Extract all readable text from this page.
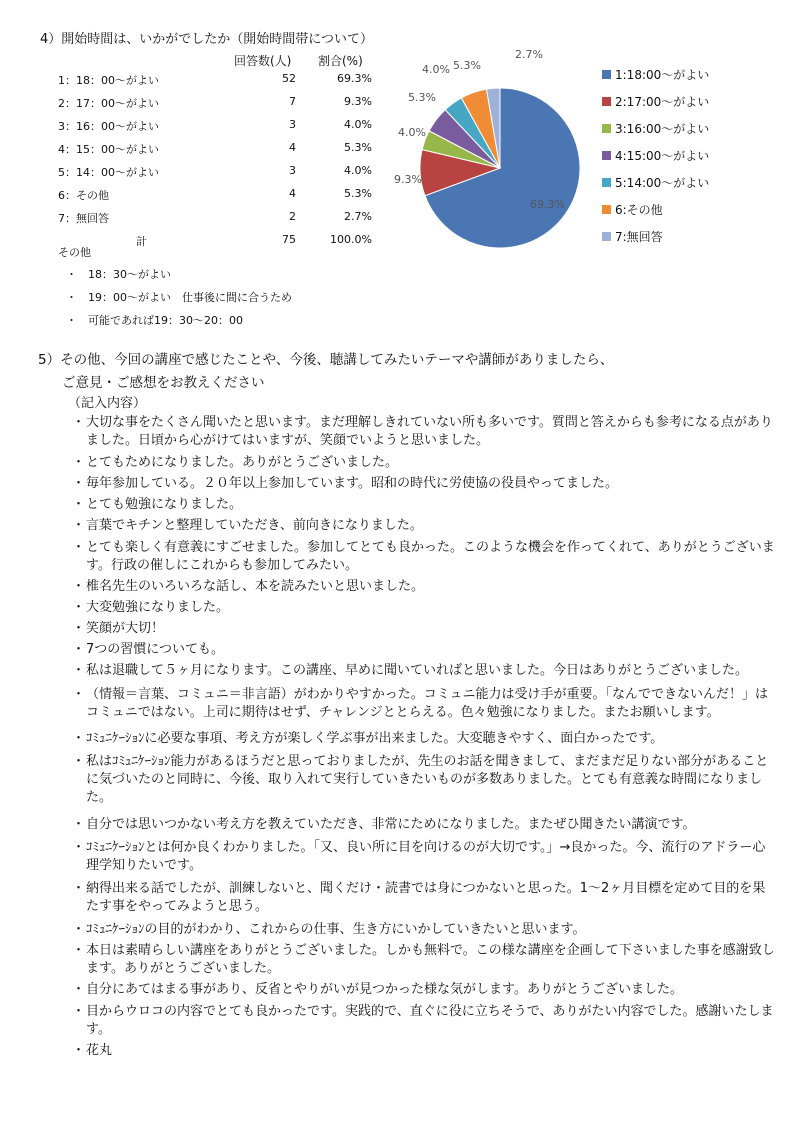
4）開始時間は、いかがでしたか（開始時間帯について）
回答数(人) 割合(%)
1：18：00〜がよい	52	69.3%
2：17：00〜がよい	7	9.3%
3：16：00〜がよい	3	4.0%
4：15：00〜がよい	4	5.3%
5：14：00〜がよい	3	4.0%
6：その他	4	5.3%
7：無回答	2	2.7%
計	75	100.0%
その他
・　18：30〜がよい
・　19：00〜がよい　仕事後に間に合うため
・　可能であれば19：30〜20：00
69.3%
9.3%
4.0%
5.3%
4.0% 5.3%
2.7%
1:18:00〜がよい
2:17:00〜がよい
3:16:00〜がよい
4:15:00〜がよい
5:14:00〜がよい
6:その他
7:無回答
5）その他、今回の講座で感じたことや、今後、聴講してみたいテーマや講師がありましたら、
ご意見・ご感想をお教えください
（記入内容）
・ 大切な事をたくさん聞いたと思います。まだ理解しきれていない所も多いです。質問と答えからも参考になる点がありました。日頃から心がけてはいますが、笑顔でいようと思いました。
・ とてもためになりました。ありがとうございました。
・ 毎年参加している。２０年以上参加しています。昭和の時代に労使協の役員やってました。
・ とても勉強になりました。
・ 言葉でキチンと整理していただき、前向きになりました。
・ とても楽しく有意義にすごせました。参加してとても良かった。このような機会を作ってくれて、ありがとうございます。行政の催しにこれからも参加してみたい。
・ 椎名先生のいろいろな話し、本を読みたいと思いました。
・ 大変勉強になりました。
・ 笑顔が大切！
・ 7つの習慣についても。
・ 私は退職して５ヶ月になります。この講座、早めに聞いていればと思いました。今日はありがとうございました。
・ （情報＝言葉、コミュニ＝非言語）がわかりやすかった。コミュニ能力は受け手が重要。「なんでできないんだ！」はコミュニではない。上司に期待はせず、チャレンジととらえる。色々勉強になりました。またお願いします。
・ ｺﾐｭﾆｹｰｼｮﾝに必要な事項、考え方が楽しく学ぶ事が出来ました。大変聴きやすく、面白かったです。
・ 私はｺﾐｭﾆｹｰｼｮﾝ能力があるほうだと思っておりましたが、先生のお話を聞きまして、まだまだ足りない部分があることに気づいたのと同時に、今後、取り入れて実行していきたいものが多数ありました。とても有意義な時間になりました。
・ 自分では思いつかない考え方を教えていただき、非常にためになりました。またぜひ聞きたい講演です。
・ ｺﾐｭﾆｹｰｼｮﾝとは何か良くわかりました。「又、良い所に目を向けるのが大切です。」→良かった。今、流行のアドラー心理学知りたいです。
・ 納得出来る話でしたが、訓練しないと、聞くだけ・読書では身につかないと思った。1〜2ヶ月目標を定めて目的を果たす事をやってみようと思う。
・ ｺﾐｭﾆｹｰｼｮﾝの目的がわかり、これからの仕事、生き方にいかしていきたいと思います。
・ 本日は素晴らしい講座をありがとうございました。しかも無料で。この様な講座を企画して下さいました事を感謝致します。ありがとうございました。
・ 自分にあてはまる事があり、反省とやりがいが見つかった様な気がします。ありがとうございました。
・ 目からウロコの内容でとても良かったです。実践的で、直ぐに役に立ちそうで、ありがたい内容でした。感謝いたします。
・ 花丸
